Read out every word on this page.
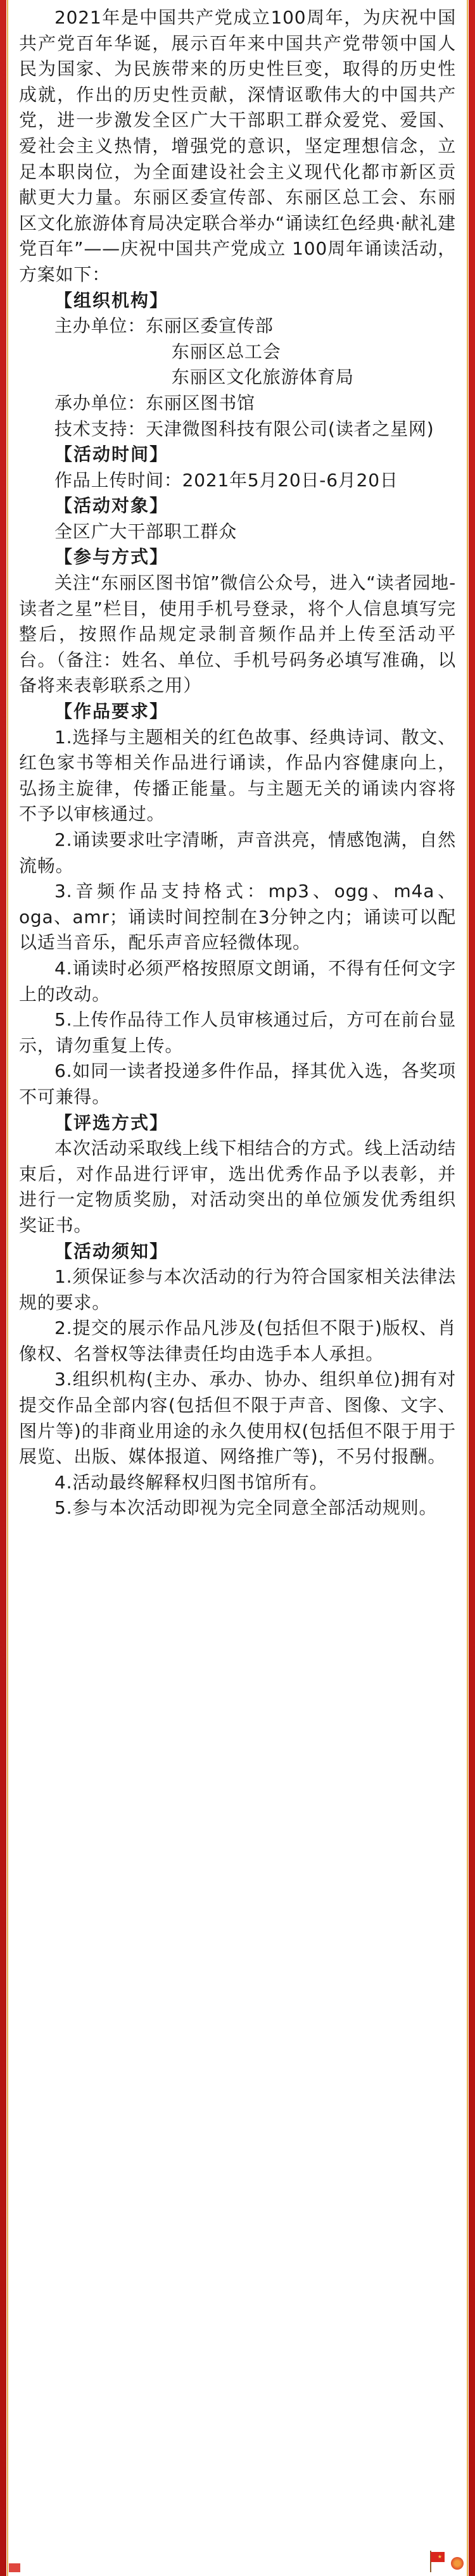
2021年是中国共产党成立100周年，为庆祝中国共产党百年华诞，展示百年来中国共产党带领中国人民为国家、为民族带来的历史性巨变，取得的历史性成就，作出的历史性贡献，深情讴歌伟大的中国共产党，进一步激发全区广大干部职工群众爱党、爱国、爱社会主义热情，增强党的意识，坚定理想信念，立足本职岗位，为全面建设社会主义现代化都市新区贡献更大力量。东丽区委宣传部、东丽区总工会、东丽区文化旅游体育局决定联合举办“诵读红色经典·献礼建党百年”——庆祝中国共产党成立 100周年诵读活动，方案如下：

【组织机构】

主办单位：东丽区委宣传部

东丽区总工会

东丽区文化旅游体育局

承办单位：东丽区图书馆

技术支持：天津微图科技有限公司(读者之星网)

【活动时间】

作品上传时间：2021年5月20日-6月20日

【活动对象】

全区广大干部职工群众

【参与方式】

关注“东丽区图书馆”微信公众号，进入“读者园地-读者之星”栏目，使用手机号登录，将个人信息填写完整后，按照作品规定录制音频作品并上传至活动平台。（备注：姓名、单位、手机号码务必填写准确，以备将来表彰联系之用）

【作品要求】

1.选择与主题相关的红色故事、经典诗词、散文、红色家书等相关作品进行诵读，作品内容健康向上，弘扬主旋律，传播正能量。与主题无关的诵读内容将不予以审核通过。

2.诵读要求吐字清晰，声音洪亮，情感饱满，自然流畅。

3.音频作品支持格式：mp3、ogg、m4a、oga、amr；诵读时间控制在3分钟之内；诵读可以配以适当音乐，配乐声音应轻微体现。

4.诵读时必须严格按照原文朗诵，不得有任何文字上的改动。

5.上传作品待工作人员审核通过后，方可在前台显示，请勿重复上传。

6.如同一读者投递多件作品，择其优入选，各奖项不可兼得。

【评选方式】

本次活动采取线上线下相结合的方式。线上活动结束后，对作品进行评审，选出优秀作品予以表彰，并进行一定物质奖励，对活动突出的单位颁发优秀组织奖证书。

【活动须知】

1.须保证参与本次活动的行为符合国家相关法律法规的要求。

2.提交的展示作品凡涉及(包括但不限于)版权、肖像权、名誉权等法律责任均由选手本人承担。

3.组织机构(主办、承办、协办、组织单位)拥有对提交作品全部内容(包括但不限于声音、图像、文字、图片等)的非商业用途的永久使用权(包括但不限于用于展览、出版、媒体报道、网络推广等)，不另付报酬。

4.活动最终解释权归图书馆所有。

5.参与本次活动即视为完全同意全部活动规则。

★
